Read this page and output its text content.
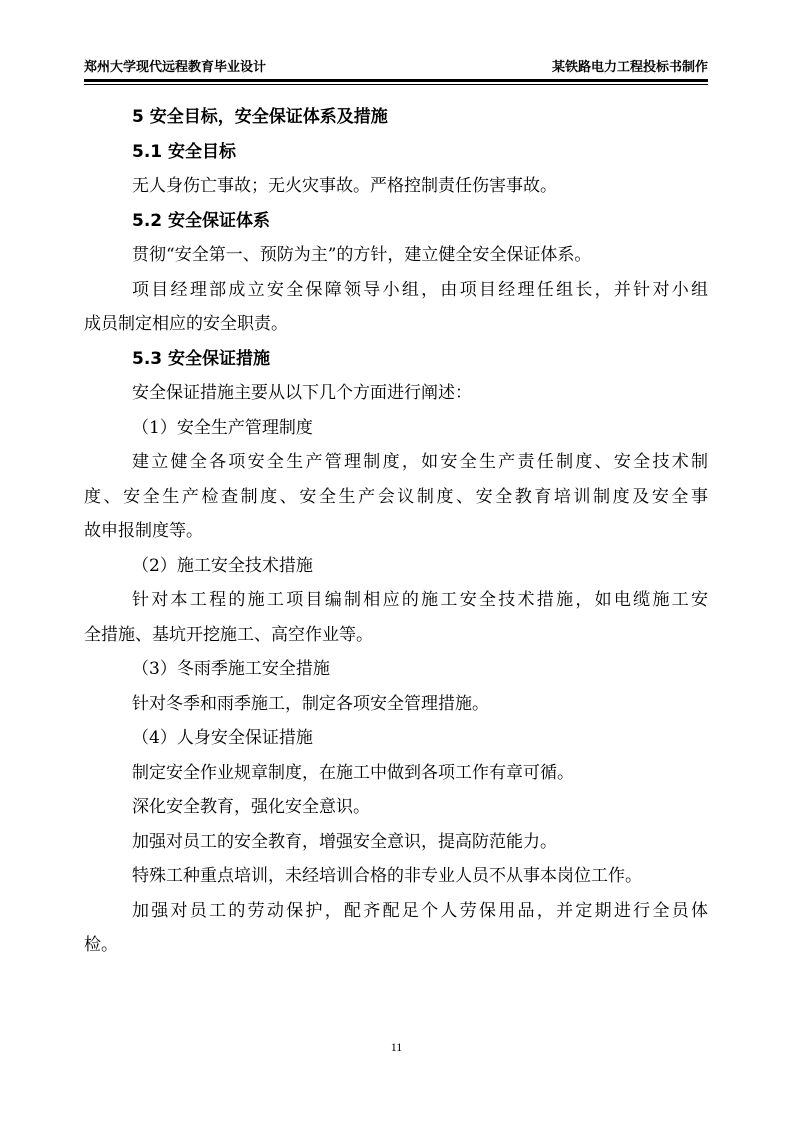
郑州大学现代远程教育毕业设计	某铁路电力工程投标书制作
5 安全目标，安全保证体系及措施
5.1 安全目标
无人身伤亡事故；无火灾事故。严格控制责任伤害事故。
5.2 安全保证体系
贯彻“安全第一、预防为主”的方针，建立健全安全保证体系。
项目经理部成立安全保障领导小组，由项目经理任组长，并针对小组
成员制定相应的安全职责。
5.3 安全保证措施
安全保证措施主要从以下几个方面进行阐述：
（1）安全生产管理制度
建立健全各项安全生产管理制度，如安全生产责任制度、安全技术制
度、安全生产检查制度、安全生产会议制度、安全教育培训制度及安全事
故申报制度等。
（2）施工安全技术措施
针对本工程的施工项目编制相应的施工安全技术措施，如电缆施工安
全措施、基坑开挖施工、高空作业等。
（3）冬雨季施工安全措施
针对冬季和雨季施工，制定各项安全管理措施。
（4）人身安全保证措施
制定安全作业规章制度，在施工中做到各项工作有章可循。
深化安全教育，强化安全意识。
加强对员工的安全教育，增强安全意识，提高防范能力。
特殊工种重点培训，未经培训合格的非专业人员不从事本岗位工作。
加强对员工的劳动保护，配齐配足个人劳保用品，并定期进行全员体
检。
11
